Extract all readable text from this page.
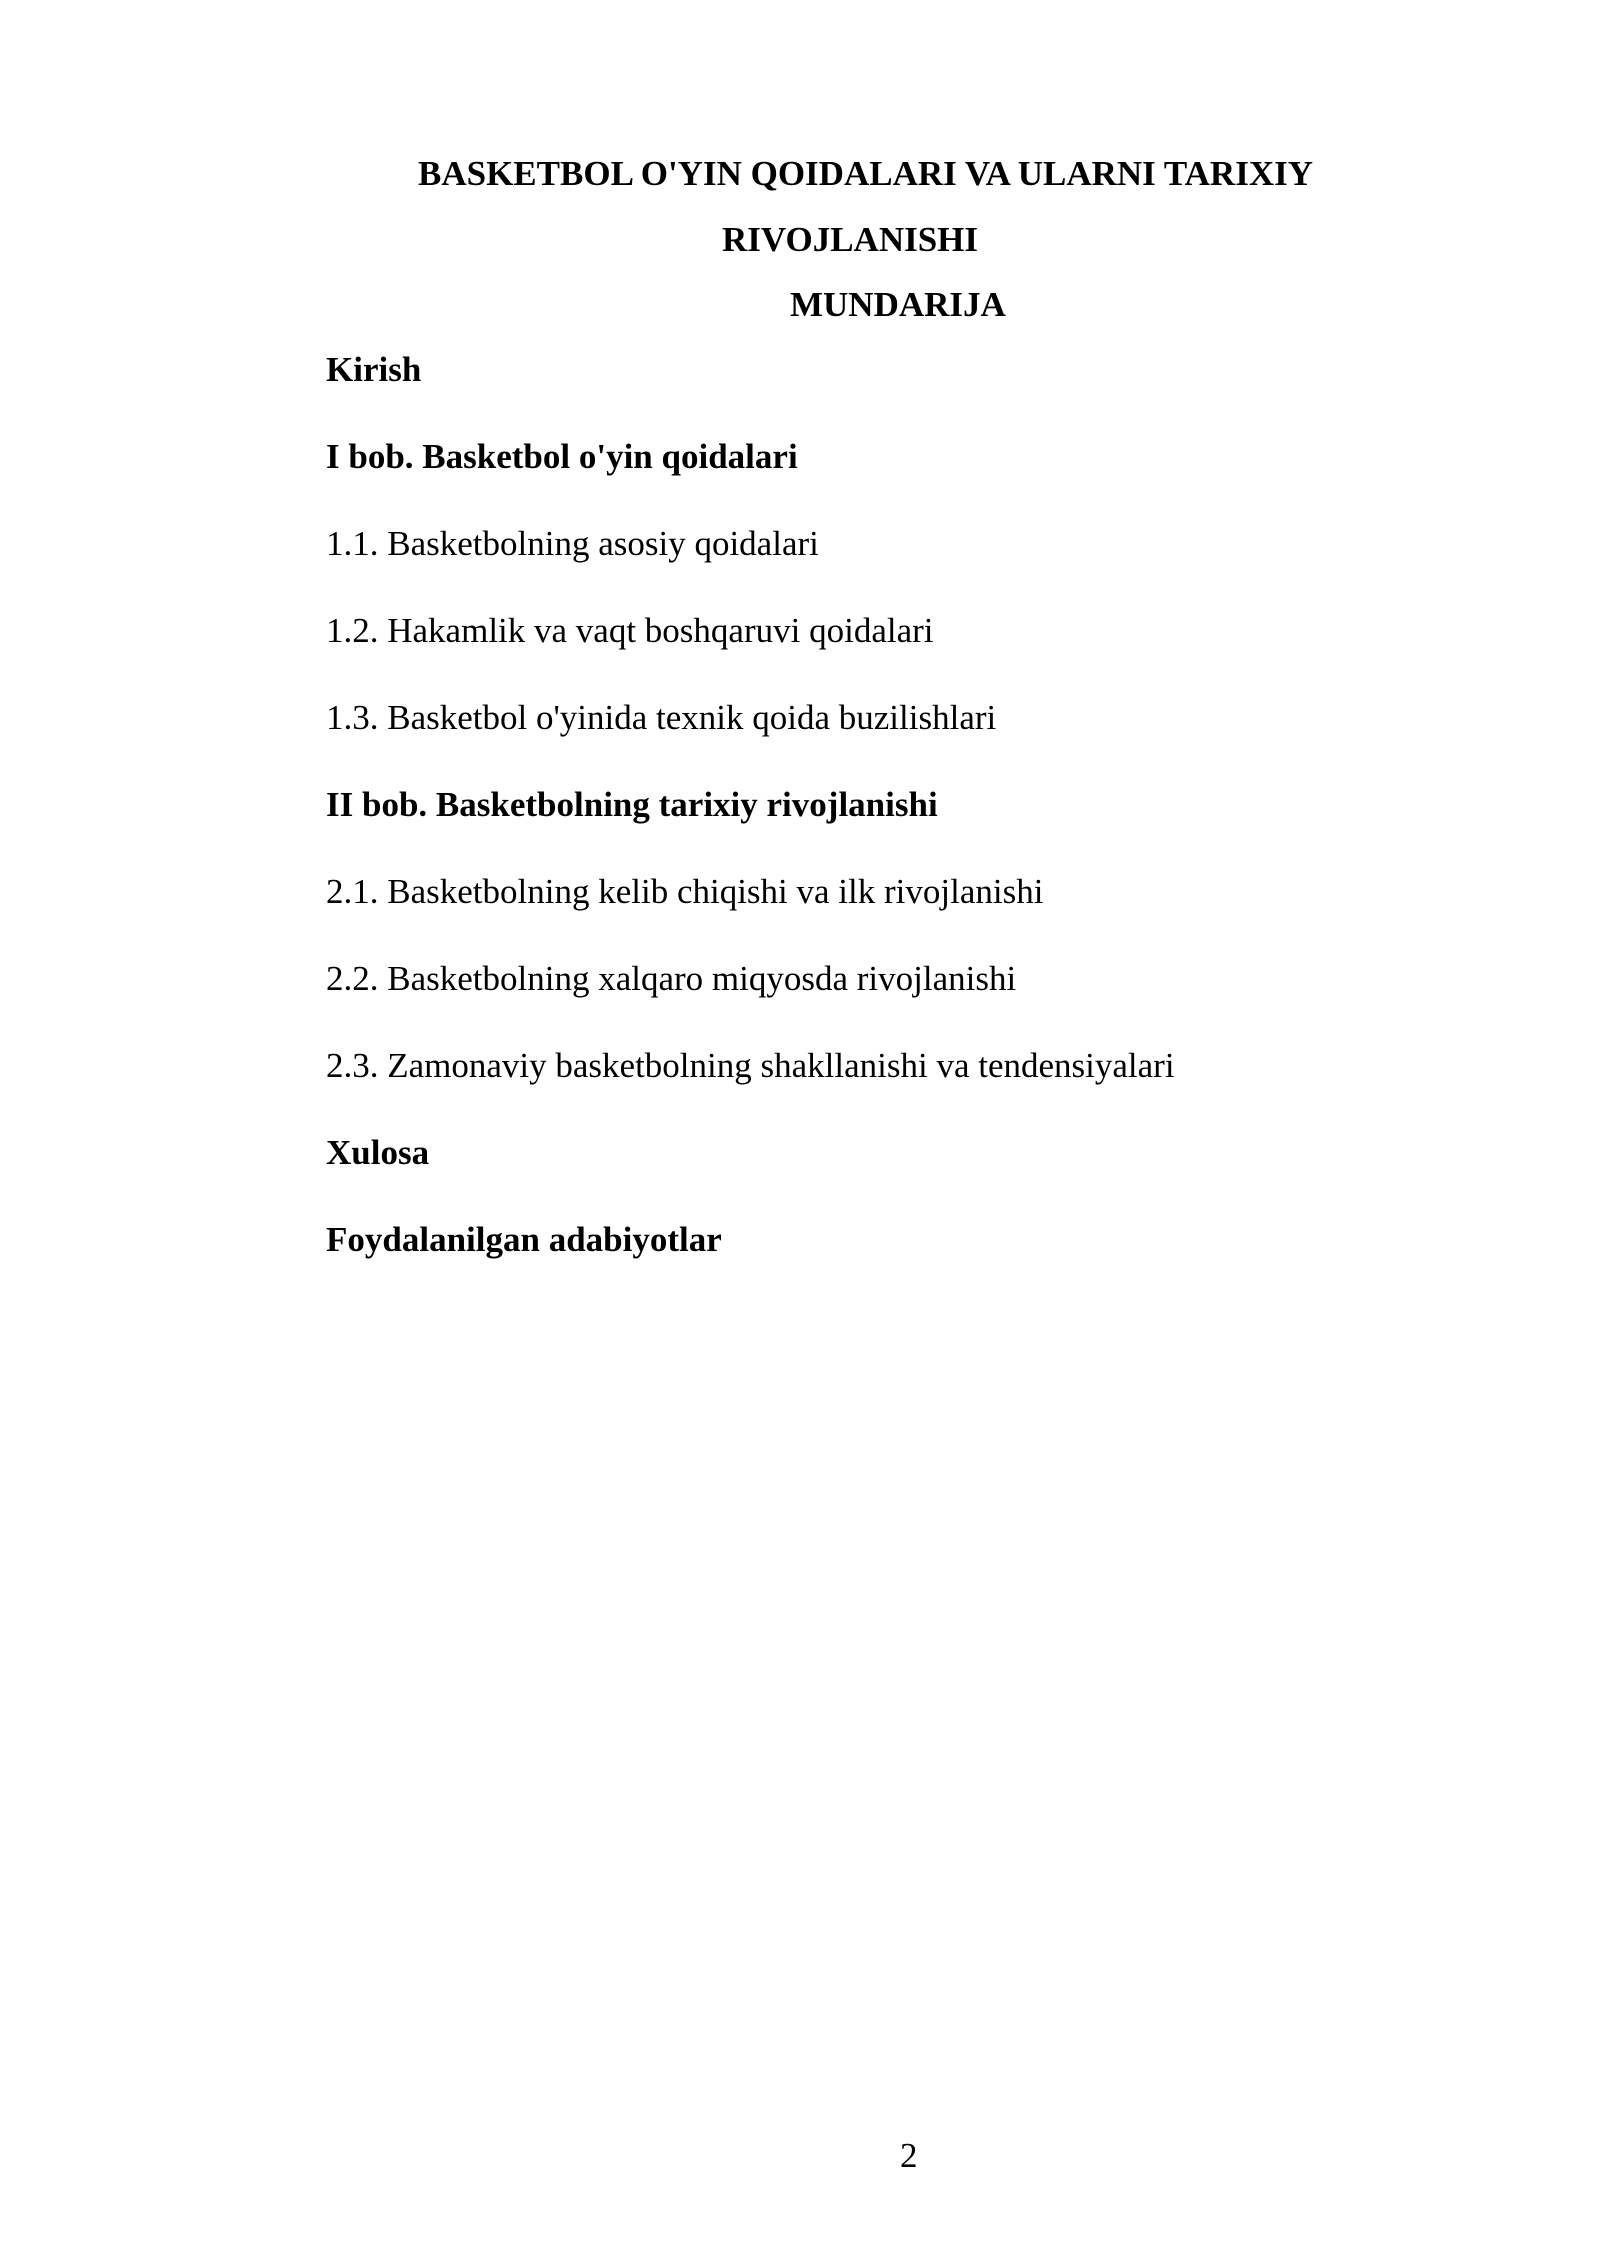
BASKETBOL O'YIN QOIDALARI VA ULARNI TARIXIY
RIVOJLANISHI
MUNDARIJA
Kirish
I bob. Basketbol o'yin qoidalari
1.1. Basketbolning asosiy qoidalari
1.2. Hakamlik va vaqt boshqaruvi qoidalari
1.3. Basketbol o'yinida texnik qoida buzilishlari
II bob. Basketbolning tarixiy rivojlanishi
2.1. Basketbolning kelib chiqishi va ilk rivojlanishi
2.2. Basketbolning xalqaro miqyosda rivojlanishi
2.3. Zamonaviy basketbolning shakllanishi va tendensiyalari
Xulosa
Foydalanilgan adabiyotlar
2
